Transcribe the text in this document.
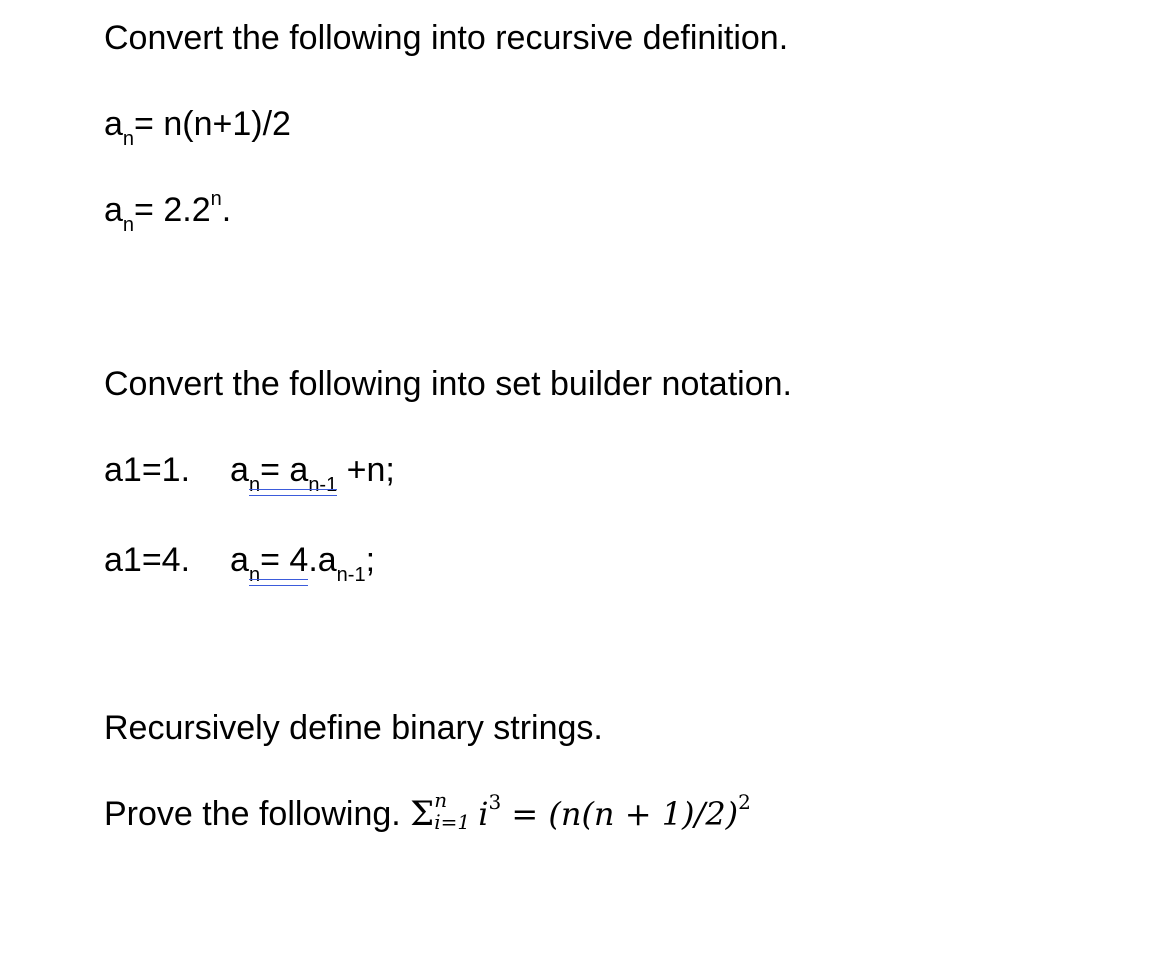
Convert the following into recursive definition.
$a_n= n(n+1)/2$
$a_n= 2.2^n$.
Convert the following into set builder notation.
a1=1. $a_n= a_{n-1} +n$;
a1=4. $a_n= 4.a_{n-1}$;
Recursively define binary strings.
Prove the following. Σ n
i=1 $i^3 = (n(n + 1)/2)^2$
